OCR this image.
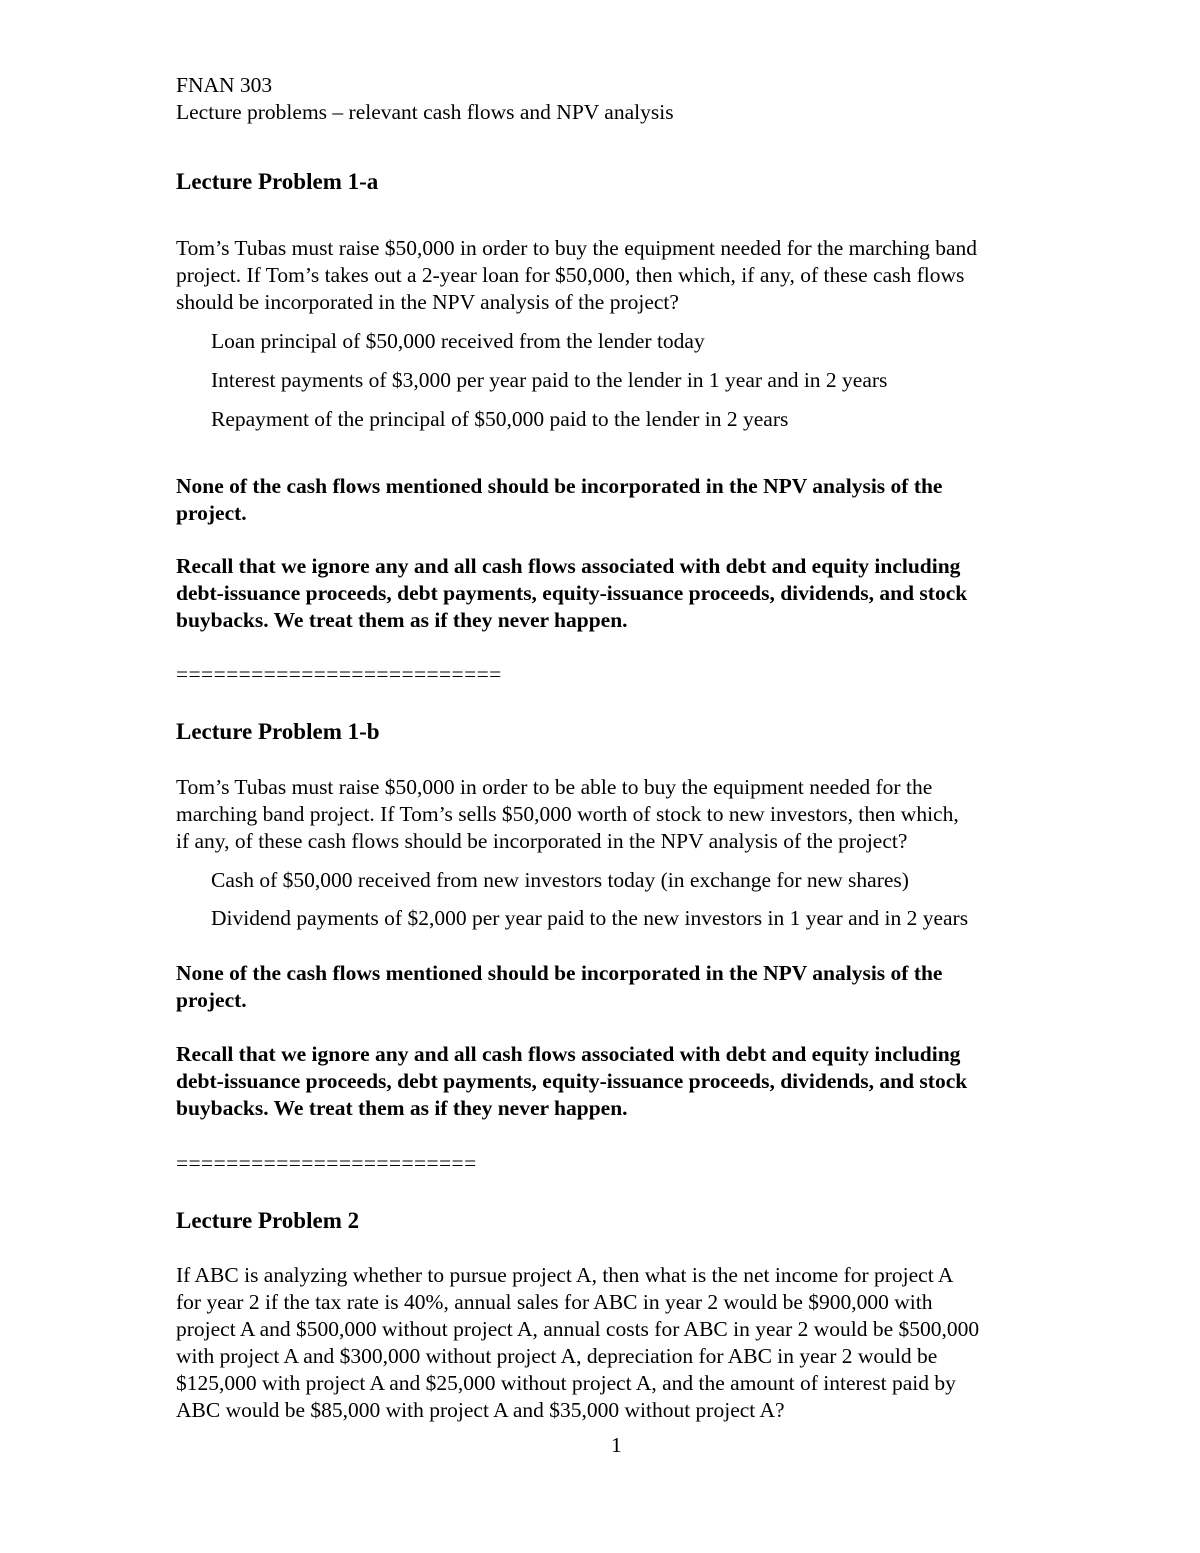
FNAN 303
Lecture problems – relevant cash flows and NPV analysis
Lecture Problem 1-a
Tom’s Tubas must raise $50,000 in order to buy the equipment needed for the marching band
project. If Tom’s takes out a 2-year loan for $50,000, then which, if any, of these cash flows
should be incorporated in the NPV analysis of the project?
Loan principal of $50,000 received from the lender today
Interest payments of $3,000 per year paid to the lender in 1 year and in 2 years
Repayment of the principal of $50,000 paid to the lender in 2 years
None of the cash flows mentioned should be incorporated in the NPV analysis of the
project.
Recall that we ignore any and all cash flows associated with debt and equity including
debt-issuance proceeds, debt payments, equity-issuance proceeds, dividends, and stock
buybacks. We treat them as if they never happen.
==========================
Lecture Problem 1-b
Tom’s Tubas must raise $50,000 in order to be able to buy the equipment needed for the
marching band project. If Tom’s sells $50,000 worth of stock to new investors, then which,
if any, of these cash flows should be incorporated in the NPV analysis of the project?
Cash of $50,000 received from new investors today (in exchange for new shares)
Dividend payments of $2,000 per year paid to the new investors in 1 year and in 2 years
None of the cash flows mentioned should be incorporated in the NPV analysis of the
project.
Recall that we ignore any and all cash flows associated with debt and equity including
debt-issuance proceeds, debt payments, equity-issuance proceeds, dividends, and stock
buybacks. We treat them as if they never happen.
========================
Lecture Problem 2
If ABC is analyzing whether to pursue project A, then what is the net income for project A
for year 2 if the tax rate is 40%, annual sales for ABC in year 2 would be $900,000 with
project A and $500,000 without project A, annual costs for ABC in year 2 would be $500,000
with project A and $300,000 without project A, depreciation for ABC in year 2 would be
$125,000 with project A and $25,000 without project A, and the amount of interest paid by
ABC would be $85,000 with project A and $35,000 without project A?
1
